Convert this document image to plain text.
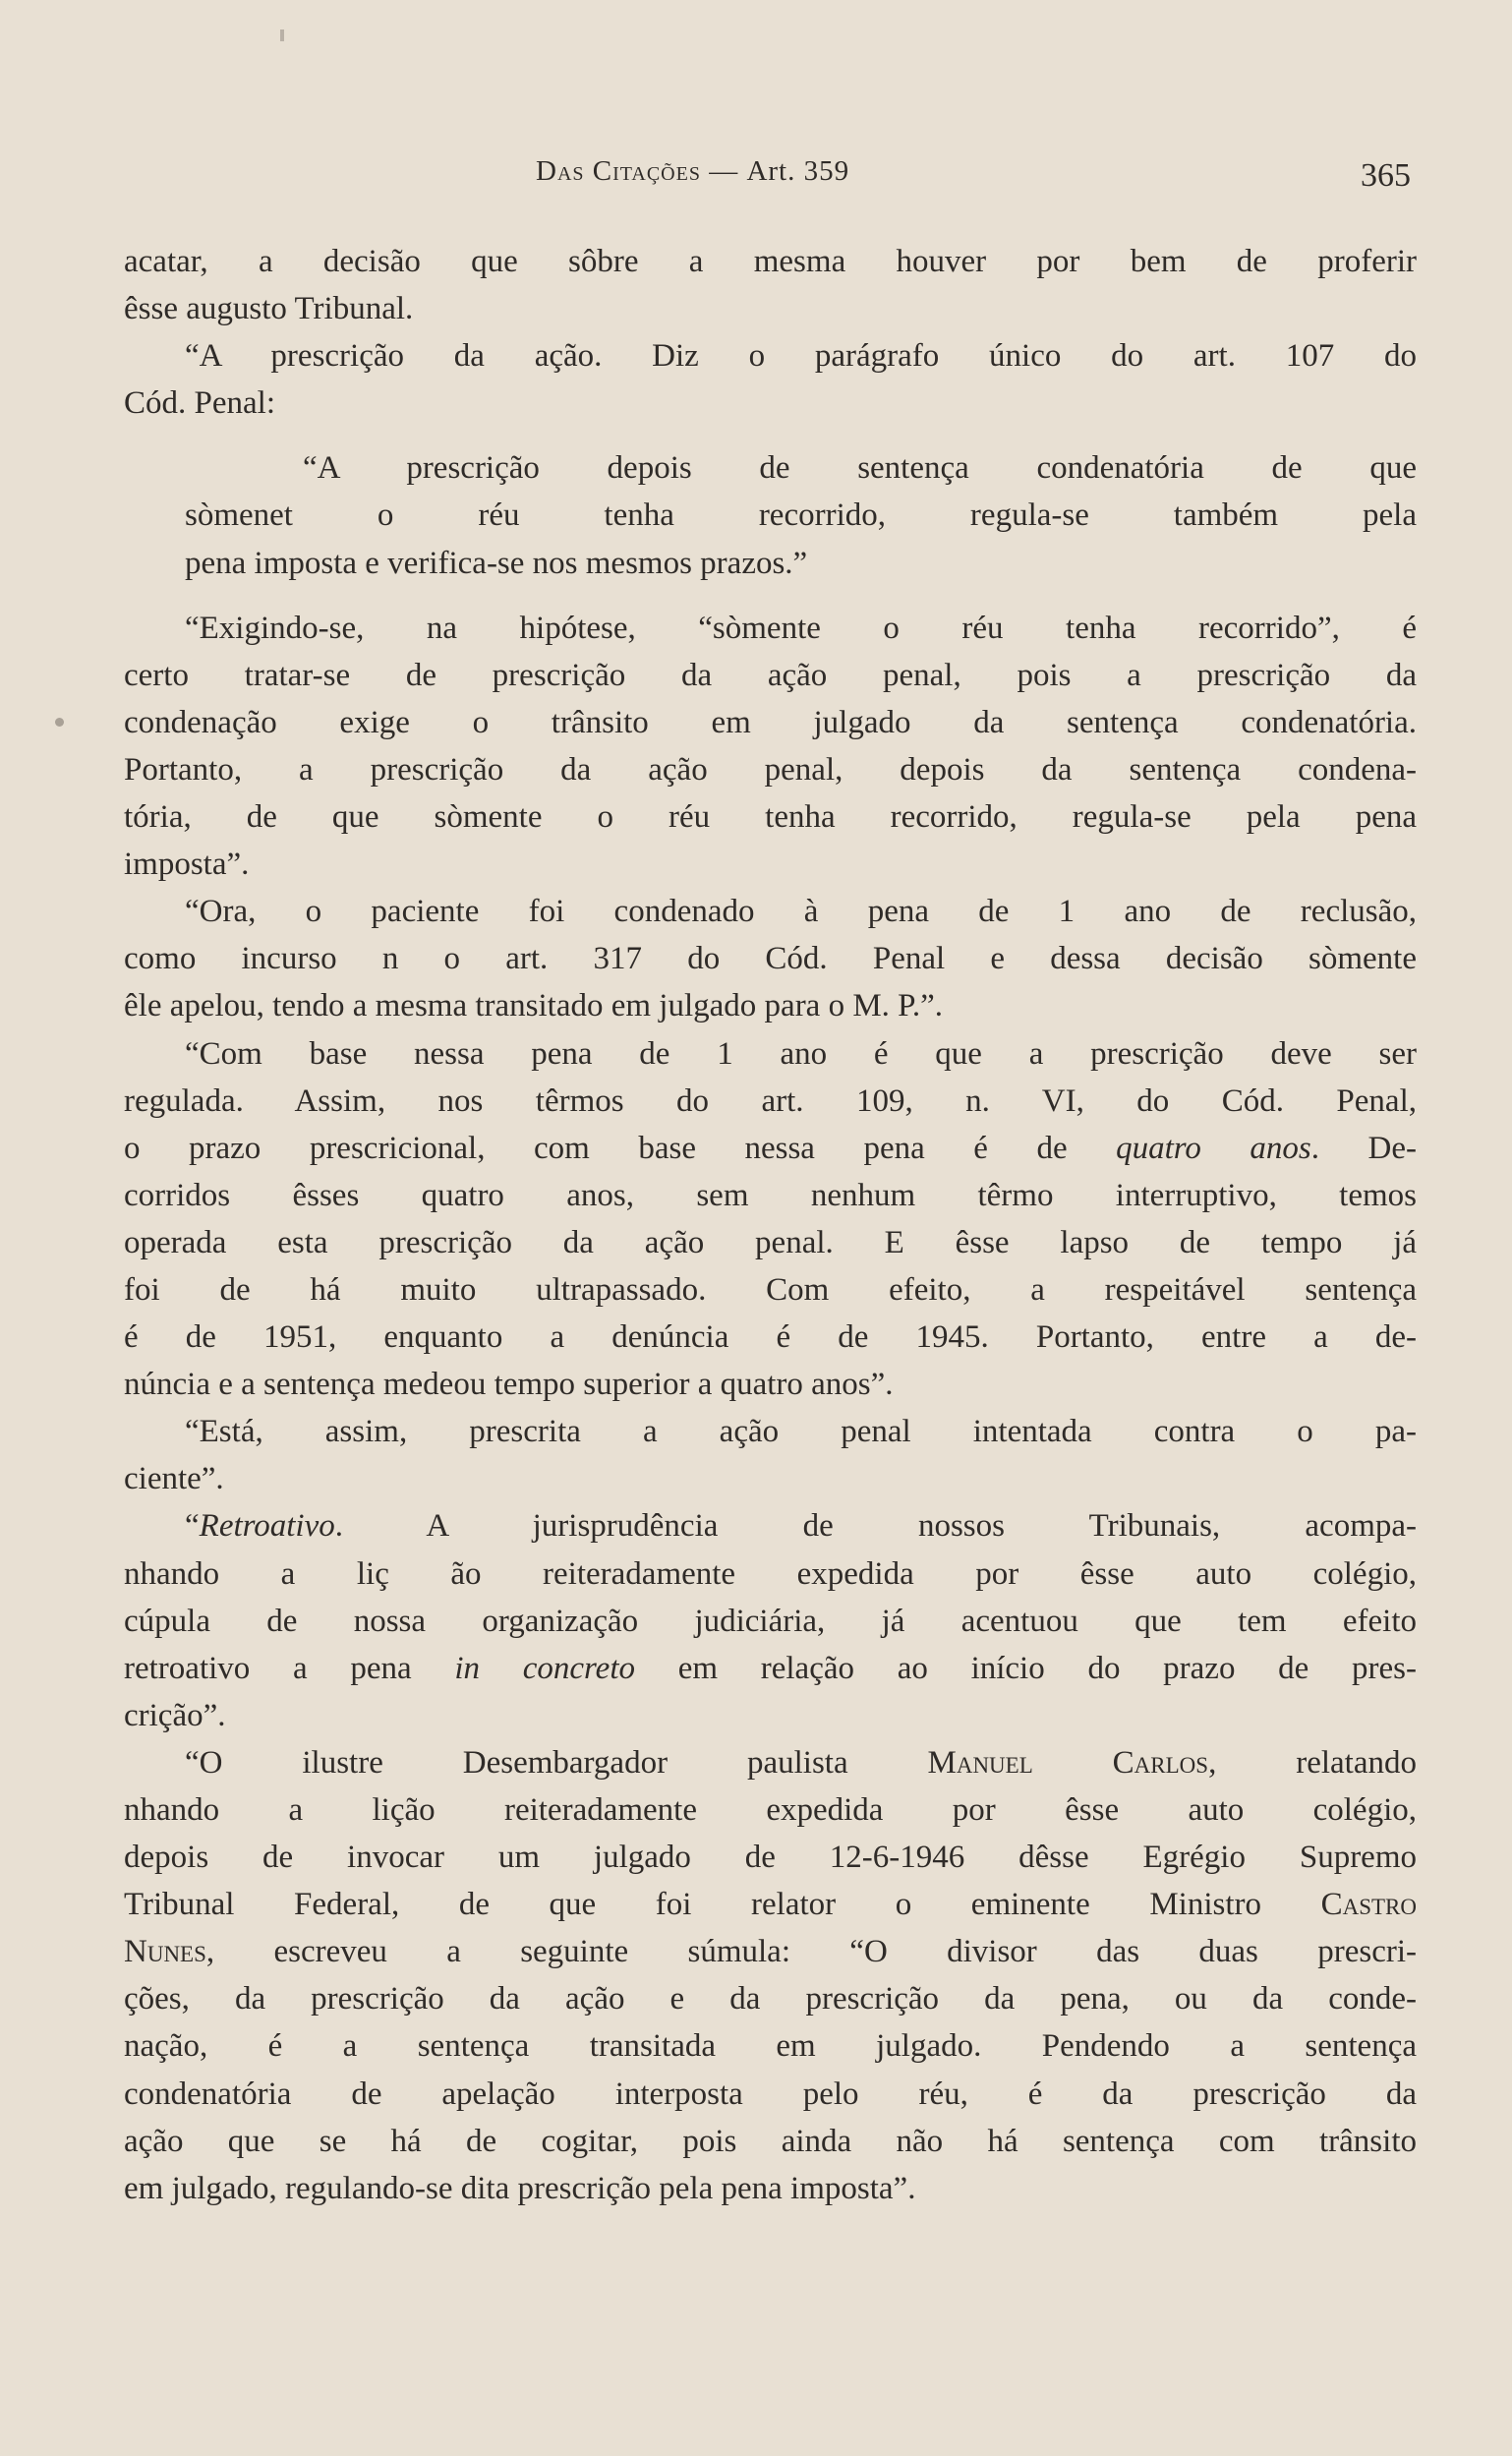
Das Citações — Art. 359	365
acatar, a decisão que sôbre a mesma houver por bem de proferir
êsse augusto Tribunal.
“A prescrição da ação. Diz o parágrafo único do art. 107 do
Cód. Penal:
“A prescrição depois de sentença condenatória de que
sòmenet o réu tenha recorrido, regula-se também pela
pena imposta e verifica-se nos mesmos prazos.”
“Exigindo-se, na hipótese, “sòmente o réu tenha recorrido”, é
certo tratar-se de prescrição da ação penal, pois a prescrição da
condenação exige o trânsito em julgado da sentença condenatória.
Portanto, a prescrição da ação penal, depois da sentença condena-
tória, de que sòmente o réu tenha recorrido, regula-se pela pena
imposta”.
“Ora, o paciente foi condenado à pena de 1 ano de reclusão,
como incurso n o art. 317 do Cód. Penal e dessa decisão sòmente
êle apelou, tendo a mesma transitado em julgado para o M. P.”.
“Com base nessa pena de 1 ano é que a prescrição deve ser
regulada. Assim, nos têrmos do art. 109, n. VI, do Cód. Penal,
o prazo prescricional, com base nessa pena é de quatro anos. De-
corridos êsses quatro anos, sem nenhum têrmo interruptivo, temos
operada esta prescrição da ação penal. E êsse lapso de tempo já
foi de há muito ultrapassado. Com efeito, a respeitável sentença
é de 1951, enquanto a denúncia é de 1945. Portanto, entre a de-
núncia e a sentença medeou tempo superior a quatro anos”.
“Está, assim, prescrita a ação penal intentada contra o pa-
ciente”.
“Retroativo. A jurisprudência de nossos Tribunais, acompa-
nhando a liç ão reiteradamente expedida por êsse auto colégio,
cúpula de nossa organização judiciária, já acentuou que tem efeito
retroativo a pena in concreto em relação ao início do prazo de pres-
crição”.
“O ilustre Desembargador paulista Manuel Carlos, relatando
nhando a lição reiteradamente expedida por êsse auto colégio,
depois de invocar um julgado de 12-6-1946 dêsse Egrégio Supremo
Tribunal Federal, de que foi relator o eminente Ministro Castro
Nunes, escreveu a seguinte súmula: “O divisor das duas prescri-
ções, da prescrição da ação e da prescrição da pena, ou da conde-
nação, é a sentença transitada em julgado. Pendendo a sentença
condenatória de apelação interposta pelo réu, é da prescrição da
ação que se há de cogitar, pois ainda não há sentença com trânsito
em julgado, regulando-se dita prescrição pela pena imposta”.
